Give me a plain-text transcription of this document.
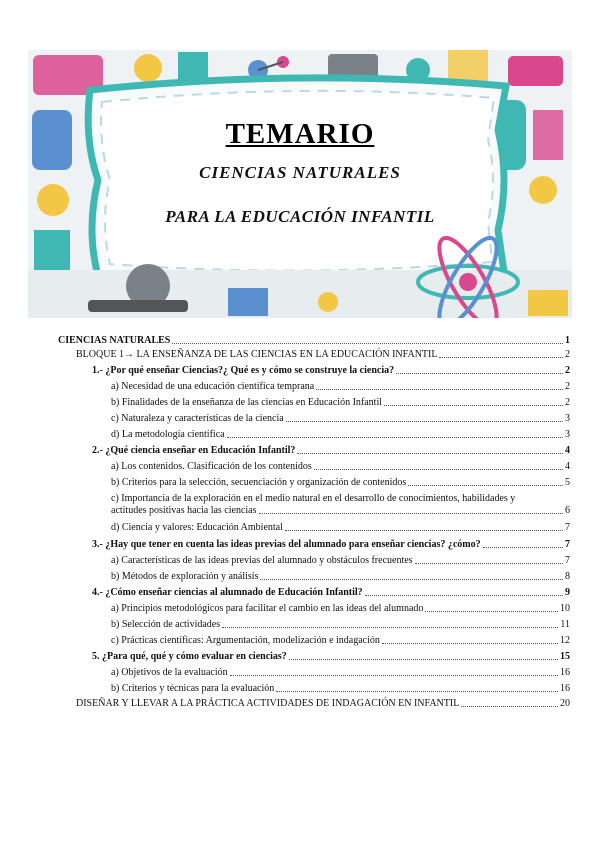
TEMARIO
CIENCIAS NATURALES
PARA LA EDUCACIÓN INFANTIL
CIENCIAS NATURALES	1
BLOQUE 1→ LA ENSEÑANZA DE LAS CIENCIAS EN LA EDUCACIÓN INFANTIL	2
1.- ¿Por qué enseñar Ciencias?¿ Qué es y cómo se construye la ciencia?	2
a) Necesidad de una educación científica temprana	2
b) Finalidades de la enseñanza de las ciencias en Educación Infantil	2
c) Naturaleza y características de la ciencia	3
d) La metodología científica	3
2.- ¿Qué ciencia enseñar en Educación Infantil?	4
a) Los contenidos. Clasificación de los contenidos	4
b) Criterios para la selección, secuenciación y organización de contenidos	5
c) Importancia de la exploración en el medio natural en el desarrollo de conocimientos, habilidades y
actitudes positivas hacia las ciencias	6
d) Ciencia y valores: Educación Ambiental	7
3.- ¿Hay que tener en cuenta las ideas previas del alumnado para enseñar ciencias? ¿cómo?	7
a) Características de las ideas previas del alumnado y obstáculos frecuentes	7
b) Métodos de exploración y análisis	8
4.- ¿Cómo enseñar ciencias al alumnado de Educación Infantil?	9
a) Principios metodológicos para facilitar el cambio en las ideas del alumnado	10
b) Selección de actividades	11
c) Prácticas científicas: Argumentación, modelización e indagación	12
5. ¿Para qué, qué y cómo evaluar en ciencias?	15
a) Objetivos de la evaluación	16
b) Criterios y técnicas para la evaluación	16
DISEÑAR Y LLEVAR A LA PRÁCTICA ACTIVIDADES DE INDAGACIÓN EN INFANTIL	20
